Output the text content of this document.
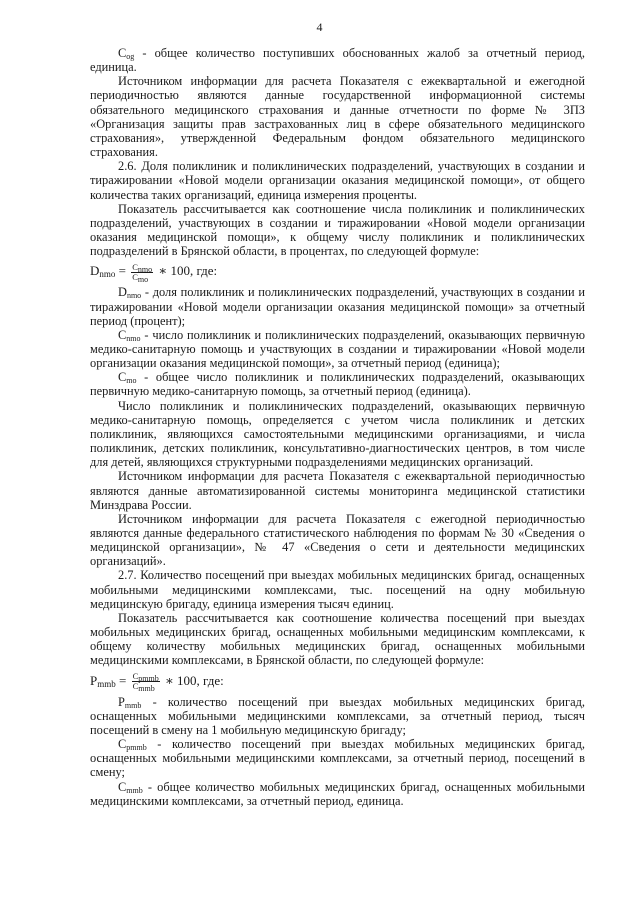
4

$С_{og}$ - общее количество поступивших обоснованных жалоб за отчетный период, единица.

Источником информации для расчета Показателя с ежеквартальной и ежегодной периодичностью являются данные государственной информационной системы обязательного медицинского страхования и данные отчетности по форме № 3ПЗ «Организация защиты прав застрахованных лиц в сфере обязательного медицинского страхования», утвержденной Федеральным фондом обязательного медицинского страхования.

2.6. Доля поликлиник и поликлинических подразделений, участвующих в создании и тиражировании «Новой модели организации оказания медицинской помощи», от общего количества таких организаций, единица измерения проценты.

Показатель рассчитывается как соотношение числа поликлиник и поликлинических подразделений, участвующих в создании и тиражировании «Новой модели организации оказания медицинской помощи», к общему числу поликлиник и поликлинических подразделений в Брянской области, в процентах, по следующей формуле:

$D_{nmo} = \frac{C_{nmo}}{C_{mo}}$ ∗ 100, где:

$D_{nmo}$ - доля поликлиник и поликлинических подразделений, участвующих в создании и тиражировании «Новой модели организации оказания медицинской помощи» за отчетный период (процент);

$C_{nmo}$ - число поликлиник и поликлинических подразделений, оказывающих первичную медико-санитарную помощь и участвующих в создании и тиражировании «Новой модели организации оказания медицинской помощи», за отчетный период (единица);

$C_{mo}$ - общее число поликлиник и поликлинических подразделений, оказывающих первичную медико-санитарную помощь, за отчетный период (единица).

Число поликлиник и поликлинических подразделений, оказывающих первичную медико-санитарную помощь, определяется с учетом числа поликлиник и детских поликлиник, являющихся самостоятельными медицинскими организациями, и числа поликлиник, детских поликлиник, консультативно-диагностических центров, в том числе для детей, являющихся структурными подразделениями медицинских организаций.

Источником информации для расчета Показателя с ежеквартальной периодичностью являются данные автоматизированной системы мониторинга медицинской статистики Минздрава России.

Источником информации для расчета Показателя с ежегодной периодичностью являются данные федерального статистического наблюдения по формам № 30 «Сведения о медицинской организации», № 47 «Сведения о сети и деятельности медицинских организаций».

2.7. Количество посещений при выездах мобильных медицинских бригад, оснащенных мобильными медицинскими комплексами, тыс. посещений на одну мобильную медицинскую бригаду, единица измерения тысяч единиц.

Показатель рассчитывается как соотношение количества посещений при выездах мобильных медицинских бригад, оснащенных мобильными медицинским комплексами, к общему количеству мобильных медицинских бригад, оснащенных мобильными медицинскими комплексами, в Брянской области, по следующей формуле:

$P_{mmb} = \frac{C_{pmmb}}{C_{mmb}}$ ∗ 100, где:

$P_{mmb}$ - количество посещений при выездах мобильных медицинских бригад, оснащенных мобильными медицинскими комплексами, за отчетный период, тысяч посещений в смену на 1 мобильную медицинскую бригаду;

$C_{pmmb}$ - количество посещений при выездах мобильных медицинских бригад, оснащенных мобильными медицинскими комплексами, за отчетный период, посещений в смену;

$C_{mmb}$ - общее количество мобильных медицинских бригад, оснащенных мобильными медицинскими комплексами, за отчетный период, единица.
